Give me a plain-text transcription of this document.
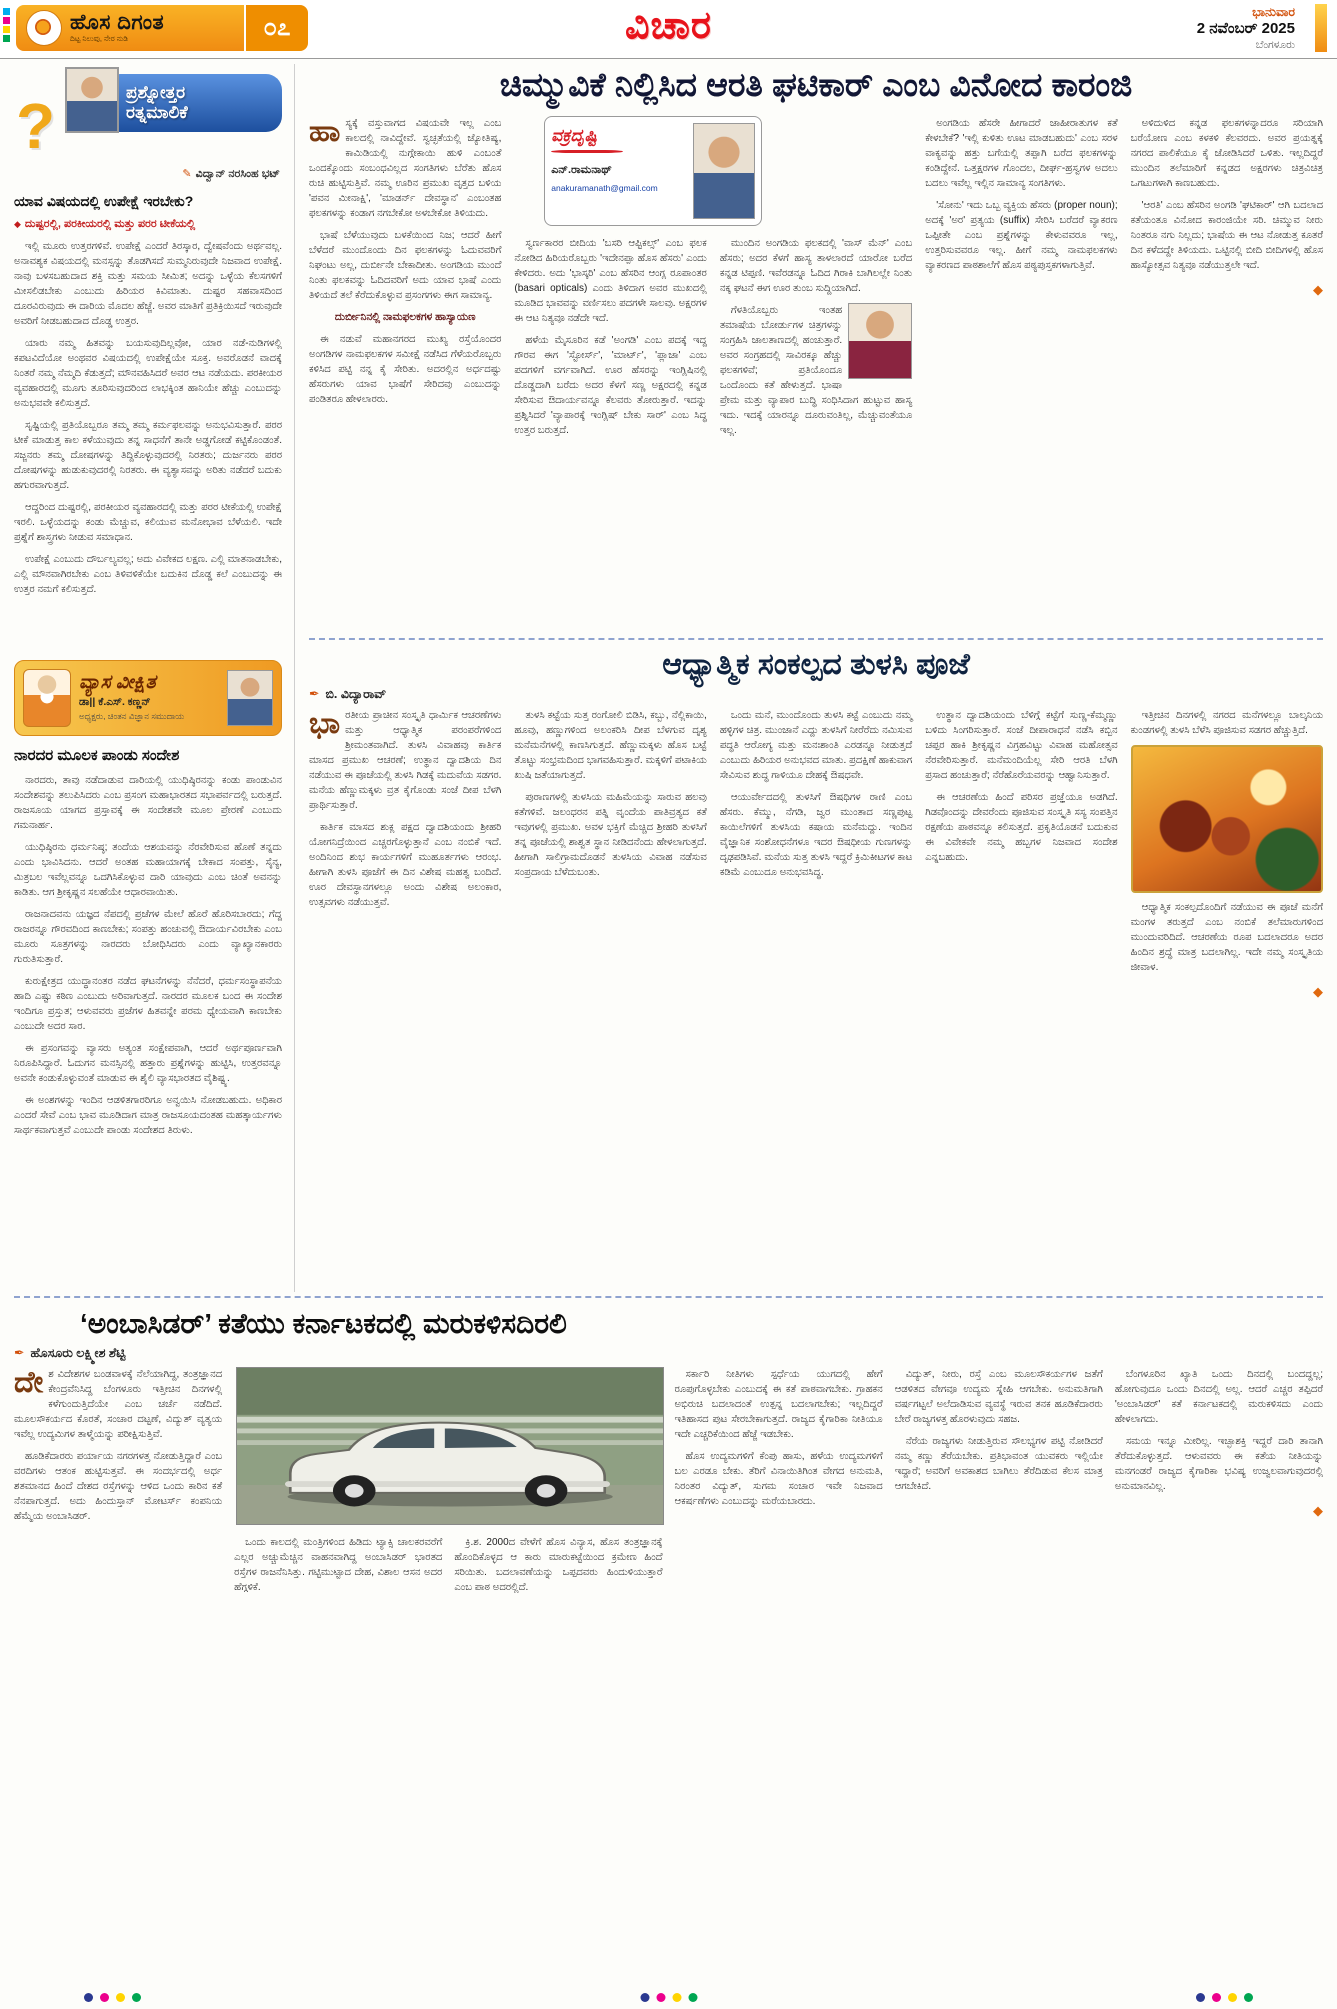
ಹೊಸ ದಿಗಂತ
ದಿಟ್ಟ ನಿಲುವು, ನೇರ ನುಡಿ	೦೭	ವಿಚಾರ	ಭಾನುವಾರ
2 ನವೆಂಬರ್ 2025
ಬೆಂಗಳೂರು
?	ಪ್ರಶ್ನೋತ್ತರ
ರತ್ನಮಾಲಿಕೆ
✎ ವಿದ್ವಾನ್ ನರಸಿಂಹ ಭಟ್
ಯಾವ ವಿಷಯದಲ್ಲಿ ಉಪೇಕ್ಷೆ ಇರಬೇಕು?
◆ ದುಷ್ಟರಲ್ಲಿ, ಪರಕೀಯರಲ್ಲಿ ಮತ್ತು ಪರರ ಟೀಕೆಯಲ್ಲಿ

ಇಲ್ಲಿ ಮೂರು ಉತ್ತರಗಳಿವೆ. ಉಪೇಕ್ಷೆ ಎಂದರೆ ತಿರಸ್ಕಾರ, ದ್ವೇಷವೆಂದು ಅರ್ಥವಲ್ಲ. ಅನಾವಶ್ಯಕ ವಿಷಯದಲ್ಲಿ ಮನಸ್ಸನ್ನು ತೊಡಗಿಸದೆ ಸುಮ್ಮನಿರುವುದೇ ನಿಜವಾದ ಉಪೇಕ್ಷೆ. ನಾವು ಬಳಸಬಹುದಾದ ಶಕ್ತಿ ಮತ್ತು ಸಮಯ ಸೀಮಿತ; ಅದನ್ನು ಒಳ್ಳೆಯ ಕೆಲಸಗಳಿಗೆ ಮೀಸಲಿಡಬೇಕು ಎಂಬುದು ಹಿರಿಯರ ಕಿವಿಮಾತು. ದುಷ್ಟರ ಸಹವಾಸದಿಂದ ದೂರವಿರುವುದು ಈ ದಾರಿಯ ಮೊದಲ ಹೆಜ್ಜೆ. ಅವರ ಮಾತಿಗೆ ಪ್ರತಿಕ್ರಿಯಿಸದೆ ಇರುವುದೇ ಅವರಿಗೆ ನೀಡಬಹುದಾದ ದೊಡ್ಡ ಉತ್ತರ.

ಯಾರು ನಮ್ಮ ಹಿತವನ್ನು ಬಯಸುವುದಿಲ್ಲವೋ, ಯಾರ ನಡೆ-ನುಡಿಗಳಲ್ಲಿ ಕಪಟವಿದೆಯೋ ಅಂಥವರ ವಿಷಯದಲ್ಲಿ ಉಪೇಕ್ಷೆಯೇ ಸೂಕ್ತ. ಅವರೊಡನೆ ವಾದಕ್ಕೆ ನಿಂತರೆ ನಮ್ಮ ನೆಮ್ಮದಿ ಕೆಡುತ್ತದೆ; ಮೌನವಹಿಸಿದರೆ ಅವರ ಆಟ ನಡೆಯದು. ಪರಕೀಯರ ವ್ಯವಹಾರದಲ್ಲಿ ಮೂಗು ತೂರಿಸುವುದರಿಂದ ಲಾಭಕ್ಕಿಂತ ಹಾನಿಯೇ ಹೆಚ್ಚು ಎಂಬುದನ್ನು ಅನುಭವವೇ ಕಲಿಸುತ್ತದೆ.

ಸೃಷ್ಟಿಯಲ್ಲಿ ಪ್ರತಿಯೊಬ್ಬರೂ ತಮ್ಮ ತಮ್ಮ ಕರ್ಮಫಲವನ್ನು ಅನುಭವಿಸುತ್ತಾರೆ. ಪರರ ಟೀಕೆ ಮಾಡುತ್ತ ಕಾಲ ಕಳೆಯುವುದು ತನ್ನ ಸಾಧನೆಗೆ ತಾನೇ ಅಡ್ಡಗೋಡೆ ಕಟ್ಟಿಕೊಂಡಂತೆ. ಸಜ್ಜನರು ತಮ್ಮ ದೋಷಗಳನ್ನು ತಿದ್ದಿಕೊಳ್ಳುವುದರಲ್ಲಿ ನಿರತರು; ದುರ್ಜನರು ಪರರ ದೋಷಗಳನ್ನು ಹುಡುಕುವುದರಲ್ಲಿ ನಿರತರು. ಈ ವ್ಯತ್ಯಾಸವನ್ನು ಅರಿತು ನಡೆದರೆ ಬದುಕು ಹಗುರವಾಗುತ್ತದೆ.

ಆದ್ದರಿಂದ ದುಷ್ಟರಲ್ಲಿ, ಪರಕೀಯರ ವ್ಯವಹಾರದಲ್ಲಿ ಮತ್ತು ಪರರ ಟೀಕೆಯಲ್ಲಿ ಉಪೇಕ್ಷೆ ಇರಲಿ. ಒಳ್ಳೆಯದನ್ನು ಕಂಡು ಮೆಚ್ಚುವ, ಕಲಿಯುವ ಮನೋಭಾವ ಬೆಳೆಯಲಿ. ಇದೇ ಪ್ರಶ್ನೆಗೆ ಶಾಸ್ತ್ರಗಳು ನೀಡುವ ಸಮಾಧಾನ.

ಉಪೇಕ್ಷೆ ಎಂಬುದು ದೌರ್ಬಲ್ಯವಲ್ಲ; ಅದು ವಿವೇಕದ ಲಕ್ಷಣ. ಎಲ್ಲಿ ಮಾತನಾಡಬೇಕು, ಎಲ್ಲಿ ಮೌನವಾಗಿರಬೇಕು ಎಂಬ ತಿಳಿವಳಿಕೆಯೇ ಬದುಕಿನ ದೊಡ್ಡ ಕಲೆ ಎಂಬುದನ್ನು ಈ ಉತ್ತರ ನಮಗೆ ಕಲಿಸುತ್ತದೆ.

ವ್ಯಾಸ ವೀಕ್ಷಿತ
ಡಾ|| ಕೆ.ಎಸ್. ಕಣ್ಣನ್
ಅಧ್ಯಕ್ಷರು, ಚಿಂತನ ವಿಜ್ಞಾನ ಸಮುದಾಯ
ನಾರದರ ಮೂಲಕ ಪಾಂಡು ಸಂದೇಶ

ನಾರದರು, ತಾವು ನಡೆದಾಡುವ ದಾರಿಯಲ್ಲಿ ಯುಧಿಷ್ಠಿರನನ್ನು ಕಂಡು ಪಾಂಡುವಿನ ಸಂದೇಶವನ್ನು ತಲುಪಿಸಿದರು ಎಂಬ ಪ್ರಸಂಗ ಮಹಾಭಾರತದ ಸಭಾಪರ್ವದಲ್ಲಿ ಬರುತ್ತದೆ. ರಾಜಸೂಯ ಯಾಗದ ಪ್ರಸ್ತಾವಕ್ಕೆ ಈ ಸಂದೇಶವೇ ಮೂಲ ಪ್ರೇರಣೆ ಎಂಬುದು ಗಮನಾರ್ಹ.

ಯುಧಿಷ್ಠಿರನು ಧರ್ಮನಿಷ್ಠ; ತಂದೆಯ ಆಶಯವನ್ನು ನೆರವೇರಿಸುವ ಹೊಣೆ ತನ್ನದು ಎಂದು ಭಾವಿಸಿದನು. ಆದರೆ ಅಂತಹ ಮಹಾಯಾಗಕ್ಕೆ ಬೇಕಾದ ಸಂಪತ್ತು, ಸೈನ್ಯ, ಮಿತ್ರಬಲ ಇವೆಲ್ಲವನ್ನೂ ಒದಗಿಸಿಕೊಳ್ಳುವ ದಾರಿ ಯಾವುದು ಎಂಬ ಚಿಂತೆ ಅವನನ್ನು ಕಾಡಿತು. ಆಗ ಶ್ರೀಕೃಷ್ಣನ ಸಲಹೆಯೇ ಆಧಾರವಾಯಿತು.

ರಾಜನಾದವನು ಯಜ್ಞದ ನೆಪದಲ್ಲಿ ಪ್ರಜೆಗಳ ಮೇಲೆ ಹೊರೆ ಹೊರಿಸಬಾರದು; ಗೆದ್ದ ರಾಜರನ್ನೂ ಗೌರವದಿಂದ ಕಾಣಬೇಕು; ಸಂಪತ್ತು ಹಂಚುವಲ್ಲಿ ಔದಾರ್ಯವಿರಬೇಕು ಎಂಬ ಮೂರು ಸೂತ್ರಗಳನ್ನು ನಾರದರು ಬೋಧಿಸಿದರು ಎಂದು ವ್ಯಾಖ್ಯಾನಕಾರರು ಗುರುತಿಸುತ್ತಾರೆ.

ಕುರುಕ್ಷೇತ್ರದ ಯುದ್ಧಾನಂತರ ನಡೆದ ಘಟನೆಗಳನ್ನು ನೆನೆದರೆ, ಧರ್ಮಸಂಸ್ಥಾಪನೆಯ ಹಾದಿ ಎಷ್ಟು ಕಠಿಣ ಎಂಬುದು ಅರಿವಾಗುತ್ತದೆ. ನಾರದರ ಮೂಲಕ ಬಂದ ಈ ಸಂದೇಶ ಇಂದಿಗೂ ಪ್ರಸ್ತುತ; ಆಳುವವರು ಪ್ರಜೆಗಳ ಹಿತವನ್ನೇ ಪರಮ ಧ್ಯೇಯವಾಗಿ ಕಾಣಬೇಕು ಎಂಬುದೇ ಅದರ ಸಾರ.

ಈ ಪ್ರಸಂಗವನ್ನು ವ್ಯಾಸರು ಅತ್ಯಂತ ಸಂಕ್ಷೇಪವಾಗಿ, ಆದರೆ ಅರ್ಥಪೂರ್ಣವಾಗಿ ನಿರೂಪಿಸಿದ್ದಾರೆ. ಓದುಗನ ಮನಸ್ಸಿನಲ್ಲಿ ಹತ್ತಾರು ಪ್ರಶ್ನೆಗಳನ್ನು ಹುಟ್ಟಿಸಿ, ಉತ್ತರವನ್ನೂ ಅವನೇ ಕಂಡುಕೊಳ್ಳುವಂತೆ ಮಾಡುವ ಈ ಶೈಲಿ ವ್ಯಾಸಭಾರತದ ವೈಶಿಷ್ಟ್ಯ.

ಈ ಅಂಶಗಳನ್ನು ಇಂದಿನ ಆಡಳಿತಗಾರರಿಗೂ ಅನ್ವಯಿಸಿ ನೋಡಬಹುದು. ಅಧಿಕಾರ ಎಂದರೆ ಸೇವೆ ಎಂಬ ಭಾವ ಮೂಡಿದಾಗ ಮಾತ್ರ ರಾಜಸೂಯದಂತಹ ಮಹತ್ಕಾರ್ಯಗಳು ಸಾರ್ಥಕವಾಗುತ್ತವೆ ಎಂಬುದೇ ಪಾಂಡು ಸಂದೇಶದ ತಿರುಳು.

ಚಿಮ್ಮುವಿಕೆ ನಿಲ್ಲಿಸಿದ ಆರತಿ ಘಟಿಕಾರ್ ಎಂಬ ವಿನೋದ ಕಾರಂಜಿ
ವಕ್ರದೃಷ್ಟಿ
ಎನ್.ರಾಮನಾಥ್
anakuramanath@gmail.com

ಹಾಸ್ಯಕ್ಕೆ ವಸ್ತುವಾಗದ ವಿಷಯವೇ ಇಲ್ಲ ಎಂಬ ಕಾಲದಲ್ಲಿ ನಾವಿದ್ದೇವೆ. ಸ್ವಚ್ಛತೆಯಲ್ಲಿ ಜ್ಯೋತಿಷ್ಯ, ಕಾಮಿಡಿಯಲ್ಲಿ ನುಗ್ಗೇಕಾಯಿ ಹುಳಿ ಎಂಬಂತೆ ಒಂದಕ್ಕೊಂದು ಸಂಬಂಧವಿಲ್ಲದ ಸಂಗತಿಗಳು ಬೆರೆತು ಹೊಸ ರುಚಿ ಹುಟ್ಟಿಸುತ್ತಿವೆ. ನಮ್ಮ ಊರಿನ ಪ್ರಮುಖ ವೃತ್ತದ ಬಳಿಯ 'ಪವನ ಮೀನಾಕ್ಷಿ', 'ಮಾಡರ್ನ್ ದೇವಸ್ಥಾನ' ಎಂಬಂತಹ ಫಲಕಗಳನ್ನು ಕಂಡಾಗ ನಗಬೇಕೋ ಅಳಬೇಕೋ ತಿಳಿಯದು.

ಭಾಷೆ ಬೆಳೆಯುವುದು ಬಳಕೆಯಿಂದ ನಿಜ; ಆದರೆ ಹೀಗೆ ಬೆಳೆದರೆ ಮುಂದೊಂದು ದಿನ ಫಲಕಗಳನ್ನು ಓದುವವರಿಗೆ ನಿಘಂಟು ಅಲ್ಲ, ದುರ್ಬೀನೇ ಬೇಕಾದೀತು. ಅಂಗಡಿಯ ಮುಂದೆ ನಿಂತು ಫಲಕವನ್ನು ಓದಿದವರಿಗೆ ಅದು ಯಾವ ಭಾಷೆ ಎಂದು ತಿಳಿಯದೆ ತಲೆ ಕೆರೆದುಕೊಳ್ಳುವ ಪ್ರಸಂಗಗಳು ಈಗ ಸಾಮಾನ್ಯ.

ದುರ್ಬೀನಿನಲ್ಲಿ ನಾಮಫಲಕಗಳ ಹಾಸ್ಯಾಯಣ

ಈ ನಡುವೆ ಮಹಾನಗರದ ಮುಖ್ಯ ರಸ್ತೆಯೊಂದರ ಅಂಗಡಿಗಳ ನಾಮಫಲಕಗಳ ಸಮೀಕ್ಷೆ ನಡೆಸಿದ ಗೆಳೆಯರೊಬ್ಬರು ಕಳಿಸಿದ ಪಟ್ಟಿ ನನ್ನ ಕೈ ಸೇರಿತು. ಅದರಲ್ಲಿನ ಅರ್ಧದಷ್ಟು ಹೆಸರುಗಳು ಯಾವ ಭಾಷೆಗೆ ಸೇರಿದವು ಎಂಬುದನ್ನು ಪಂಡಿತರೂ ಹೇಳಲಾರರು.

ಸ್ವರ್ಣಕಾರರ ಬೀದಿಯ 'ಬಸರಿ ಆಪ್ಟಿಕಲ್ಸ್' ಎಂಬ ಫಲಕ ನೋಡಿದ ಹಿರಿಯರೊಬ್ಬರು 'ಇದೇನಪ್ಪಾ ಹೊಸ ಹೆಸರು' ಎಂದು ಕೇಳಿದರು. ಅದು 'ಭಾಸ್ಕರಿ' ಎಂಬ ಹೆಸರಿನ ಆಂಗ್ಲ ರೂಪಾಂತರ (basari opticals) ಎಂದು ತಿಳಿದಾಗ ಅವರ ಮುಖದಲ್ಲಿ ಮೂಡಿದ ಭಾವವನ್ನು ವರ್ಣಿಸಲು ಪದಗಳೇ ಸಾಲವು. ಅಕ್ಷರಗಳ ಈ ಆಟ ನಿತ್ಯವೂ ನಡೆದೇ ಇದೆ.

ಹಳೆಯ ಮೈಸೂರಿನ ಕಡೆ 'ಅಂಗಡಿ' ಎಂಬ ಪದಕ್ಕೆ ಇದ್ದ ಗೌರವ ಈಗ 'ಸ್ಟೋರ್ಸ್', 'ಮಾರ್ಟ್', 'ಪ್ಲಾಜಾ' ಎಂಬ ಪದಗಳಿಗೆ ವರ್ಗವಾಗಿದೆ. ಊರ ಹೆಸರನ್ನು ಇಂಗ್ಲಿಷಿನಲ್ಲಿ ದೊಡ್ಡದಾಗಿ ಬರೆದು ಅದರ ಕೆಳಗೆ ಸಣ್ಣ ಅಕ್ಷರದಲ್ಲಿ ಕನ್ನಡ ಸೇರಿಸುವ ಔದಾರ್ಯವನ್ನೂ ಕೆಲವರು ತೋರುತ್ತಾರೆ. ಇದನ್ನು ಪ್ರಶ್ನಿಸಿದರೆ 'ವ್ಯಾಪಾರಕ್ಕೆ ಇಂಗ್ಲಿಷ್ ಬೇಕು ಸಾರ್' ಎಂಬ ಸಿದ್ಧ ಉತ್ತರ ಬರುತ್ತದೆ.

ಮುಂದಿನ ಅಂಗಡಿಯ ಫಲಕದಲ್ಲಿ 'ವಾಸ್ ಮೆನ್' ಎಂಬ ಹೆಸರು; ಅದರ ಕೆಳಗೆ ಹಾಸ್ಯ ತಾಳಲಾರದೆ ಯಾರೋ ಬರೆದ ಕನ್ನಡ ಟಿಪ್ಪಣಿ. ಇವೆರಡನ್ನೂ ಓದಿದ ಗಿರಾಕಿ ಬಾಗಿಲಲ್ಲೇ ನಿಂತು ನಕ್ಕ ಘಟನೆ ಈಗ ಊರ ತುಂಬ ಸುದ್ದಿಯಾಗಿದೆ.

ಗೆಳತಿಯೊಬ್ಬರು ಇಂತಹ ತಮಾಷೆಯ ಬೋರ್ಡುಗಳ ಚಿತ್ರಗಳನ್ನು ಸಂಗ್ರಹಿಸಿ ಜಾಲತಾಣದಲ್ಲಿ ಹಂಚುತ್ತಾರೆ. ಅವರ ಸಂಗ್ರಹದಲ್ಲಿ ಸಾವಿರಕ್ಕೂ ಹೆಚ್ಚು ಫಲಕಗಳಿವೆ; ಪ್ರತಿಯೊಂದೂ ಒಂದೊಂದು ಕತೆ ಹೇಳುತ್ತದೆ. ಭಾಷಾ ಪ್ರೇಮ ಮತ್ತು ವ್ಯಾಪಾರ ಬುದ್ಧಿ ಸಂಧಿಸಿದಾಗ ಹುಟ್ಟುವ ಹಾಸ್ಯ ಇದು. ಇದಕ್ಕೆ ಯಾರನ್ನೂ ದೂರುವಂತಿಲ್ಲ, ಮೆಚ್ಚುವಂತೆಯೂ ಇಲ್ಲ.

ಅಂಗಡಿಯ ಹೆಸರೇ ಹೀಗಾದರೆ ಜಾಹೀರಾತುಗಳ ಕತೆ ಕೇಳಬೇಕೆ? 'ಇಲ್ಲಿ ಕುಳಿತು ಊಟ ಮಾಡಬಹುದು' ಎಂಬ ಸರಳ ವಾಕ್ಯವನ್ನು ಹತ್ತು ಬಗೆಯಲ್ಲಿ ತಪ್ಪಾಗಿ ಬರೆದ ಫಲಕಗಳನ್ನು ಕಂಡಿದ್ದೇನೆ. ಒತ್ತಕ್ಷರಗಳ ಗೊಂದಲ, ದೀರ್ಘ-ಹ್ರಸ್ವಗಳ ಅದಲು ಬದಲು ಇವೆಲ್ಲ ಇಲ್ಲಿನ ಸಾಮಾನ್ಯ ಸಂಗತಿಗಳು.

'ಸೋನು' ಇದು ಒಬ್ಬ ವ್ಯಕ್ತಿಯ ಹೆಸರು (proper noun); ಅದಕ್ಕೆ 'ಅರ' ಪ್ರತ್ಯಯ (suffix) ಸೇರಿಸಿ ಬರೆದರೆ ವ್ಯಾಕರಣ ಒಪ್ಪೀತೇ ಎಂಬ ಪ್ರಶ್ನೆಗಳನ್ನು ಕೇಳುವವರೂ ಇಲ್ಲ, ಉತ್ತರಿಸುವವರೂ ಇಲ್ಲ. ಹೀಗೆ ನಮ್ಮ ನಾಮಫಲಕಗಳು ವ್ಯಾಕರಣದ ಪಾಠಶಾಲೆಗೆ ಹೊಸ ಪಠ್ಯಪುಸ್ತಕಗಳಾಗುತ್ತಿವೆ.

ಅಳಿದುಳಿದ ಕನ್ನಡ ಫಲಕಗಳನ್ನಾದರೂ ಸರಿಯಾಗಿ ಬರೆಯೋಣ ಎಂಬ ಕಳಕಳಿ ಕೆಲವರದು. ಅವರ ಪ್ರಯತ್ನಕ್ಕೆ ನಗರದ ಪಾಲಿಕೆಯೂ ಕೈ ಜೋಡಿಸಿದರೆ ಒಳಿತು. ಇಲ್ಲದಿದ್ದರೆ ಮುಂದಿನ ತಲೆಮಾರಿಗೆ ಕನ್ನಡದ ಅಕ್ಷರಗಳು ಚಿತ್ರವಿಚಿತ್ರ ಒಗಟುಗಳಾಗಿ ಕಾಣಬಹುದು.

'ಆರತಿ' ಎಂಬ ಹೆಸರಿನ ಅಂಗಡಿ 'ಘಟಿಕಾರ್' ಆಗಿ ಬದಲಾದ ಕತೆಯಂತೂ ವಿನೋದ ಕಾರಂಜಿಯೇ ಸರಿ. ಚಿಮ್ಮುವ ನೀರು ನಿಂತರೂ ನಗು ನಿಲ್ಲದು; ಭಾಷೆಯ ಈ ಆಟ ನೋಡುತ್ತ ಕೂತರೆ ದಿನ ಕಳೆದದ್ದೇ ತಿಳಿಯದು. ಒಟ್ಟಿನಲ್ಲಿ ಬೀದಿ ಬೀದಿಗಳಲ್ಲಿ ಹೊಸ ಹಾಸ್ಯೋತ್ಸವ ನಿತ್ಯವೂ ನಡೆಯುತ್ತಲೇ ಇದೆ.

◆
ಆಧ್ಯಾತ್ಮಿಕ ಸಂಕಲ್ಪದ ತುಳಸಿ ಪೂಜೆ
✒ ಬಿ. ವಿದ್ಯಾರಾವ್

ಭಾರತೀಯ ಪ್ರಾಚೀನ ಸಂಸ್ಕೃತಿ ಧಾರ್ಮಿಕ ಆಚರಣೆಗಳು ಮತ್ತು ಆಧ್ಯಾತ್ಮಿಕ ಪರಂಪರೆಗಳಿಂದ ಶ್ರೀಮಂತವಾಗಿದೆ. ತುಳಸಿ ವಿವಾಹವು ಕಾರ್ತಿಕ ಮಾಸದ ಪ್ರಮುಖ ಆಚರಣೆ; ಉತ್ಥಾನ ದ್ವಾದಶಿಯ ದಿನ ನಡೆಯುವ ಈ ಪೂಜೆಯಲ್ಲಿ ತುಳಸಿ ಗಿಡಕ್ಕೆ ಮದುವೆಯ ಸಡಗರ. ಮನೆಯ ಹೆಣ್ಣುಮಕ್ಕಳು ವ್ರತ ಕೈಗೊಂಡು ಸಂಜೆ ದೀಪ ಬೆಳಗಿ ಪ್ರಾರ್ಥಿಸುತ್ತಾರೆ.

ಕಾರ್ತಿಕ ಮಾಸದ ಶುಕ್ಲ ಪಕ್ಷದ ದ್ವಾದಶಿಯಂದು ಶ್ರೀಹರಿ ಯೋಗನಿದ್ರೆಯಿಂದ ಎಚ್ಚರಗೊಳ್ಳುತ್ತಾನೆ ಎಂಬ ನಂಬಿಕೆ ಇದೆ. ಅಂದಿನಿಂದ ಶುಭ ಕಾರ್ಯಗಳಿಗೆ ಮುಹೂರ್ತಗಳು ಆರಂಭ. ಹೀಗಾಗಿ ತುಳಸಿ ಪೂಜೆಗೆ ಈ ದಿನ ವಿಶೇಷ ಮಹತ್ವ ಬಂದಿದೆ. ಊರ ದೇವಸ್ಥಾನಗಳಲ್ಲೂ ಅಂದು ವಿಶೇಷ ಅಲಂಕಾರ, ಉತ್ಸವಗಳು ನಡೆಯುತ್ತವೆ.

ತುಳಸಿ ಕಟ್ಟೆಯ ಸುತ್ತ ರಂಗೋಲಿ ಬಿಡಿಸಿ, ಕಬ್ಬು, ನೆಲ್ಲಿಕಾಯಿ, ಹೂವು, ಹಣ್ಣುಗಳಿಂದ ಅಲಂಕರಿಸಿ ದೀಪ ಬೆಳಗುವ ದೃಶ್ಯ ಮನೆಮನೆಗಳಲ್ಲಿ ಕಾಣಸಿಗುತ್ತದೆ. ಹೆಣ್ಣುಮಕ್ಕಳು ಹೊಸ ಬಟ್ಟೆ ತೊಟ್ಟು ಸಂಭ್ರಮದಿಂದ ಭಾಗವಹಿಸುತ್ತಾರೆ. ಮಕ್ಕಳಿಗೆ ಪಟಾಕಿಯ ಖುಷಿ ಜತೆಯಾಗುತ್ತದೆ.

ಪುರಾಣಗಳಲ್ಲಿ ತುಳಸಿಯ ಮಹಿಮೆಯನ್ನು ಸಾರುವ ಹಲವು ಕತೆಗಳಿವೆ. ಜಲಂಧರನ ಪತ್ನಿ ವೃಂದೆಯ ಪಾತಿವ್ರತ್ಯದ ಕತೆ ಇವುಗಳಲ್ಲಿ ಪ್ರಮುಖ. ಅವಳ ಭಕ್ತಿಗೆ ಮೆಚ್ಚಿದ ಶ್ರೀಹರಿ ತುಳಸಿಗೆ ತನ್ನ ಪೂಜೆಯಲ್ಲಿ ಶಾಶ್ವತ ಸ್ಥಾನ ನೀಡಿದನೆಂದು ಹೇಳಲಾಗುತ್ತದೆ. ಹೀಗಾಗಿ ಸಾಲಿಗ್ರಾಮದೊಡನೆ ತುಳಸಿಯ ವಿವಾಹ ನಡೆಸುವ ಸಂಪ್ರದಾಯ ಬೆಳೆದುಬಂತು.

ಒಂದು ಮನೆ, ಮುಂದೊಂದು ತುಳಸಿ ಕಟ್ಟೆ ಎಂಬುದು ನಮ್ಮ ಹಳ್ಳಿಗಳ ಚಿತ್ರ. ಮುಂಜಾನೆ ಎದ್ದು ತುಳಸಿಗೆ ನೀರೆರೆದು ನಮಿಸುವ ಪದ್ಧತಿ ಆರೋಗ್ಯ ಮತ್ತು ಮನಃಶಾಂತಿ ಎರಡನ್ನೂ ನೀಡುತ್ತದೆ ಎಂಬುದು ಹಿರಿಯರ ಅನುಭವದ ಮಾತು. ಪ್ರದಕ್ಷಿಣೆ ಹಾಕುವಾಗ ಸೇವಿಸುವ ಶುದ್ಧ ಗಾಳಿಯೂ ದೇಹಕ್ಕೆ ಔಷಧವೇ.

ಆಯುರ್ವೇದದಲ್ಲಿ ತುಳಸಿಗೆ ಔಷಧಿಗಳ ರಾಣಿ ಎಂಬ ಹೆಸರು. ಕೆಮ್ಮು, ನೆಗಡಿ, ಜ್ವರ ಮುಂತಾದ ಸಣ್ಣಪುಟ್ಟ ಕಾಯಿಲೆಗಳಿಗೆ ತುಳಸಿಯ ಕಷಾಯ ಮನೆಮದ್ದು. ಇಂದಿನ ವೈಜ್ಞಾನಿಕ ಸಂಶೋಧನೆಗಳೂ ಇದರ ಔಷಧೀಯ ಗುಣಗಳನ್ನು ದೃಢಪಡಿಸಿವೆ. ಮನೆಯ ಸುತ್ತ ತುಳಸಿ ಇದ್ದರೆ ಕ್ರಿಮಿಕೀಟಗಳ ಕಾಟ ಕಡಿಮೆ ಎಂಬುದೂ ಅನುಭವಸಿದ್ಧ.

ಉತ್ಥಾನ ದ್ವಾದಶಿಯಂದು ಬೆಳಿಗ್ಗೆ ಕಟ್ಟೆಗೆ ಸುಣ್ಣ-ಕೆಮ್ಮಣ್ಣು ಬಳಿದು ಸಿಂಗರಿಸುತ್ತಾರೆ. ಸಂಜೆ ದೀಪಾರಾಧನೆ ನಡೆಸಿ ಕಬ್ಬಿನ ಚಪ್ಪರ ಹಾಕಿ ಶ್ರೀಕೃಷ್ಣನ ವಿಗ್ರಹವಿಟ್ಟು ವಿವಾಹ ಮಹೋತ್ಸವ ನೆರವೇರಿಸುತ್ತಾರೆ. ಮನೆಮಂದಿಯೆಲ್ಲ ಸೇರಿ ಆರತಿ ಬೆಳಗಿ ಪ್ರಸಾದ ಹಂಚುತ್ತಾರೆ; ನೆರೆಹೊರೆಯವರನ್ನು ಆಹ್ವಾನಿಸುತ್ತಾರೆ.

ಈ ಆಚರಣೆಯ ಹಿಂದೆ ಪರಿಸರ ಪ್ರಜ್ಞೆಯೂ ಅಡಗಿದೆ. ಗಿಡವೊಂದನ್ನು ದೇವರೆಂದು ಪೂಜಿಸುವ ಸಂಸ್ಕೃತಿ ಸಸ್ಯ ಸಂಪತ್ತಿನ ರಕ್ಷಣೆಯ ಪಾಠವನ್ನೂ ಕಲಿಸುತ್ತದೆ. ಪ್ರಕೃತಿಯೊಡನೆ ಬದುಕುವ ಈ ವಿವೇಕವೇ ನಮ್ಮ ಹಬ್ಬಗಳ ನಿಜವಾದ ಸಂದೇಶ ಎನ್ನಬಹುದು.

ಇತ್ತೀಚಿನ ದಿನಗಳಲ್ಲಿ ನಗರದ ಮನೆಗಳಲ್ಲೂ ಬಾಲ್ಕನಿಯ ಕುಂಡಗಳಲ್ಲಿ ತುಳಸಿ ಬೆಳೆಸಿ ಪೂಜಿಸುವ ಸಡಗರ ಹೆಚ್ಚುತ್ತಿದೆ.

ಆಧ್ಯಾತ್ಮಿಕ ಸಂಕಲ್ಪದೊಂದಿಗೆ ನಡೆಯುವ ಈ ಪೂಜೆ ಮನೆಗೆ ಮಂಗಳ ತರುತ್ತದೆ ಎಂಬ ನಂಬಿಕೆ ತಲೆಮಾರುಗಳಿಂದ ಮುಂದುವರಿದಿದೆ. ಆಚರಣೆಯ ರೂಪ ಬದಲಾದರೂ ಅದರ ಹಿಂದಿನ ಶ್ರದ್ಧೆ ಮಾತ್ರ ಬದಲಾಗಿಲ್ಲ. ಇದೇ ನಮ್ಮ ಸಂಸ್ಕೃತಿಯ ಜೀವಾಳ.

◆
‘ಅಂಬಾಸಿಡರ್’ ಕತೆಯು ಕರ್ನಾಟಕದಲ್ಲಿ ಮರುಕಳಿಸದಿರಲಿ
✒ ಹೊಸೂರು ಲಕ್ಷ್ಮೀಶ ಶೆಟ್ಟಿ

ದೇಶ ವಿದೇಶಗಳ ಬಂಡವಾಳಕ್ಕೆ ನೆಲೆಯಾಗಿದ್ದ, ತಂತ್ರಜ್ಞಾನದ ಕೇಂದ್ರವೆನಿಸಿದ್ದ ಬೆಂಗಳೂರು ಇತ್ತೀಚಿನ ದಿನಗಳಲ್ಲಿ ಕಳೆಗುಂದುತ್ತಿದೆಯೇ ಎಂಬ ಚರ್ಚೆ ನಡೆದಿದೆ. ಮೂಲಸೌಕರ್ಯದ ಕೊರತೆ, ಸಂಚಾರ ದಟ್ಟಣೆ, ವಿದ್ಯುತ್ ವ್ಯತ್ಯಯ ಇವೆಲ್ಲ ಉದ್ಯಮಿಗಳ ತಾಳ್ಮೆಯನ್ನು ಪರೀಕ್ಷಿಸುತ್ತಿವೆ.

ಹೂಡಿಕೆದಾರರು ಪರ್ಯಾಯ ನಗರಗಳತ್ತ ನೋಡುತ್ತಿದ್ದಾರೆ ಎಂಬ ವರದಿಗಳು ಆತಂಕ ಹುಟ್ಟಿಸುತ್ತವೆ. ಈ ಸಂದರ್ಭದಲ್ಲಿ ಅರ್ಧ ಶತಮಾನದ ಹಿಂದೆ ದೇಶದ ರಸ್ತೆಗಳನ್ನು ಆಳಿದ ಒಂದು ಕಾರಿನ ಕತೆ ನೆನಪಾಗುತ್ತದೆ. ಅದು ಹಿಂದುಸ್ತಾನ್ ಮೋಟರ್ಸ್ ಕಂಪನಿಯ ಹೆಮ್ಮೆಯ ಅಂಬಾಸಿಡರ್.

ಒಂದು ಕಾಲದಲ್ಲಿ ಮಂತ್ರಿಗಳಿಂದ ಹಿಡಿದು ಟ್ಯಾಕ್ಸಿ ಚಾಲಕರವರೆಗೆ ಎಲ್ಲರ ಅಚ್ಚುಮೆಚ್ಚಿನ ವಾಹನವಾಗಿದ್ದ ಅಂಬಾಸಿಡರ್ ಭಾರತದ ರಸ್ತೆಗಳ ರಾಜನೆನಿಸಿತ್ತು. ಗಟ್ಟಿಮುಟ್ಟಾದ ದೇಹ, ವಿಶಾಲ ಆಸನ ಅದರ ಹೆಗ್ಗಳಿಕೆ.

ಕ್ರಿ.ಶ. 2000ದ ವೇಳೆಗೆ ಹೊಸ ವಿನ್ಯಾಸ, ಹೊಸ ತಂತ್ರಜ್ಞಾನಕ್ಕೆ ಹೊಂದಿಕೊಳ್ಳದ ಆ ಕಾರು ಮಾರುಕಟ್ಟೆಯಿಂದ ಕ್ರಮೇಣ ಹಿಂದೆ ಸರಿಯಿತು. ಬದಲಾವಣೆಯನ್ನು ಒಪ್ಪದವರು ಹಿಂದುಳಿಯುತ್ತಾರೆ ಎಂಬ ಪಾಠ ಅದರಲ್ಲಿದೆ.

ಸರ್ಕಾರಿ ನೀತಿಗಳು ಸ್ಪರ್ಧೆಯ ಯುಗದಲ್ಲಿ ಹೇಗೆ ರೂಪುಗೊಳ್ಳಬೇಕು ಎಂಬುದಕ್ಕೆ ಈ ಕತೆ ಪಾಠವಾಗಬೇಕು. ಗ್ರಾಹಕನ ಅಭಿರುಚಿ ಬದಲಾದಂತೆ ಉತ್ಪನ್ನ ಬದಲಾಗಬೇಕು; ಇಲ್ಲದಿದ್ದರೆ ಇತಿಹಾಸದ ಪುಟ ಸೇರಬೇಕಾಗುತ್ತದೆ. ರಾಜ್ಯದ ಕೈಗಾರಿಕಾ ನೀತಿಯೂ ಇದೇ ಎಚ್ಚರಿಕೆಯಿಂದ ಹೆಜ್ಜೆ ಇಡಬೇಕು.

ಹೊಸ ಉದ್ಯಮಗಳಿಗೆ ಕೆಂಪು ಹಾಸು, ಹಳೆಯ ಉದ್ಯಮಗಳಿಗೆ ಬಲ ಎರಡೂ ಬೇಕು. ತೆರಿಗೆ ವಿನಾಯಿತಿಗಿಂತ ವೇಗದ ಅನುಮತಿ, ನಿರಂತರ ವಿದ್ಯುತ್, ಸುಗಮ ಸಂಚಾರ ಇವೇ ನಿಜವಾದ ಆಕರ್ಷಣೆಗಳು ಎಂಬುದನ್ನು ಮರೆಯಬಾರದು.

ವಿದ್ಯುತ್, ನೀರು, ರಸ್ತೆ ಎಂಬ ಮೂಲಸೌಕರ್ಯಗಳ ಜತೆಗೆ ಆಡಳಿತದ ವೇಗವೂ ಉದ್ಯಮ ಸ್ನೇಹಿ ಆಗಬೇಕು. ಅನುಮತಿಗಾಗಿ ವರ್ಷಗಟ್ಟಲೆ ಅಲೆದಾಡಿಸುವ ವ್ಯವಸ್ಥೆ ಇರುವ ತನಕ ಹೂಡಿಕೆದಾರರು ಬೇರೆ ರಾಜ್ಯಗಳತ್ತ ಹೊರಳುವುದು ಸಹಜ.

ನೆರೆಯ ರಾಜ್ಯಗಳು ನೀಡುತ್ತಿರುವ ಸೌಲಭ್ಯಗಳ ಪಟ್ಟಿ ನೋಡಿದರೆ ನಮ್ಮ ಕಣ್ಣು ತೆರೆಯಬೇಕು. ಪ್ರತಿಭಾವಂತ ಯುವಕರು ಇಲ್ಲಿಯೇ ಇದ್ದಾರೆ; ಅವರಿಗೆ ಅವಕಾಶದ ಬಾಗಿಲು ತೆರೆದಿಡುವ ಕೆಲಸ ಮಾತ್ರ ಆಗಬೇಕಿದೆ.

ಬೆಂಗಳೂರಿನ ಖ್ಯಾತಿ ಒಂದು ದಿನದಲ್ಲಿ ಬಂದದ್ದಲ್ಲ; ಹೋಗುವುದೂ ಒಂದು ದಿನದಲ್ಲಿ ಅಲ್ಲ. ಆದರೆ ಎಚ್ಚರ ತಪ್ಪಿದರೆ 'ಅಂಬಾಸಿಡರ್' ಕತೆ ಕರ್ನಾಟಕದಲ್ಲಿ ಮರುಕಳಿಸದು ಎಂದು ಹೇಳಲಾಗದು.

ಸಮಯ ಇನ್ನೂ ಮೀರಿಲ್ಲ. ಇಚ್ಛಾಶಕ್ತಿ ಇದ್ದರೆ ದಾರಿ ತಾನಾಗಿ ತೆರೆದುಕೊಳ್ಳುತ್ತದೆ. ಆಳುವವರು ಈ ಕತೆಯ ನೀತಿಯನ್ನು ಮನಗಂಡರೆ ರಾಜ್ಯದ ಕೈಗಾರಿಕಾ ಭವಿಷ್ಯ ಉಜ್ವಲವಾಗುವುದರಲ್ಲಿ ಅನುಮಾನವಿಲ್ಲ.

◆
